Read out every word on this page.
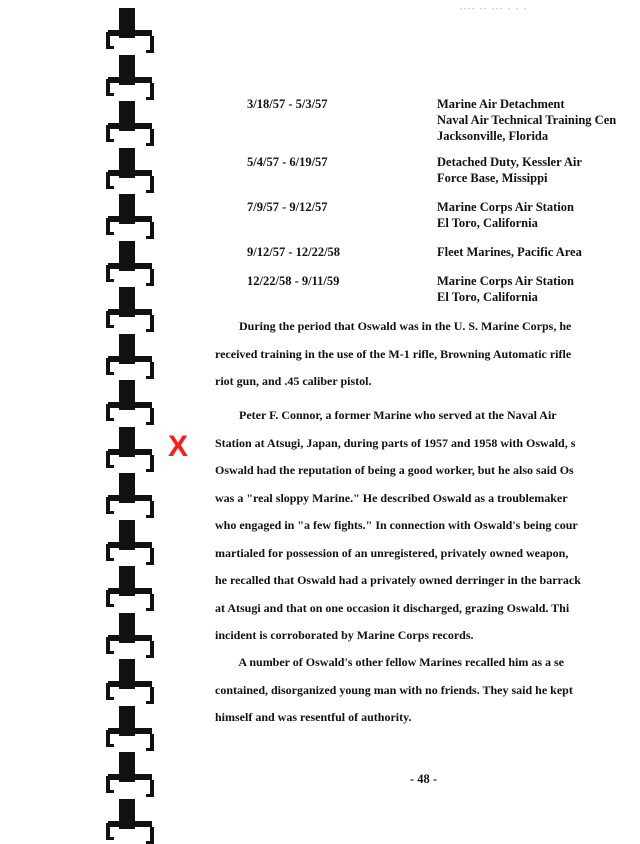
.... .. ... . . .
X
3/18/57 - 5/3/57	Marine Air Detachment
Naval Air Technical Training Cen
Jacksonville, Florida
5/4/57 - 6/19/57	Detached Duty, Kessler Air
Force Base, Missippi
7/9/57 - 9/12/57	Marine Corps Air Station
El Toro, California
9/12/57 - 12/22/58	Fleet Marines, Pacific Area
12/22/58 - 9/11/59	Marine Corps Air Station
El Toro, California
During the period that Oswald was in the U. S. Marine Corps, he
received training in the use of the M-1 rifle, Browning Automatic rifle
riot gun, and .45 caliber pistol.
Peter F. Connor, a former Marine who served at the Naval Air
Station at Atsugi, Japan, during parts of 1957 and 1958 with Oswald, s
Oswald had the reputation of being a good worker, but he also said Os
was a "real sloppy Marine." He described Oswald as a troublemaker
who engaged in "a few fights." In connection with Oswald's being cour
martialed for possession of an unregistered, privately owned weapon,
he recalled that Oswald had a privately owned derringer in the barrack
at Atsugi and that on one occasion it discharged, grazing Oswald. Thi
incident is corroborated by Marine Corps records.
A number of Oswald's other fellow Marines recalled him as a se
contained, disorganized young man with no friends. They said he kept
himself and was resentful of authority.
- 48 -
